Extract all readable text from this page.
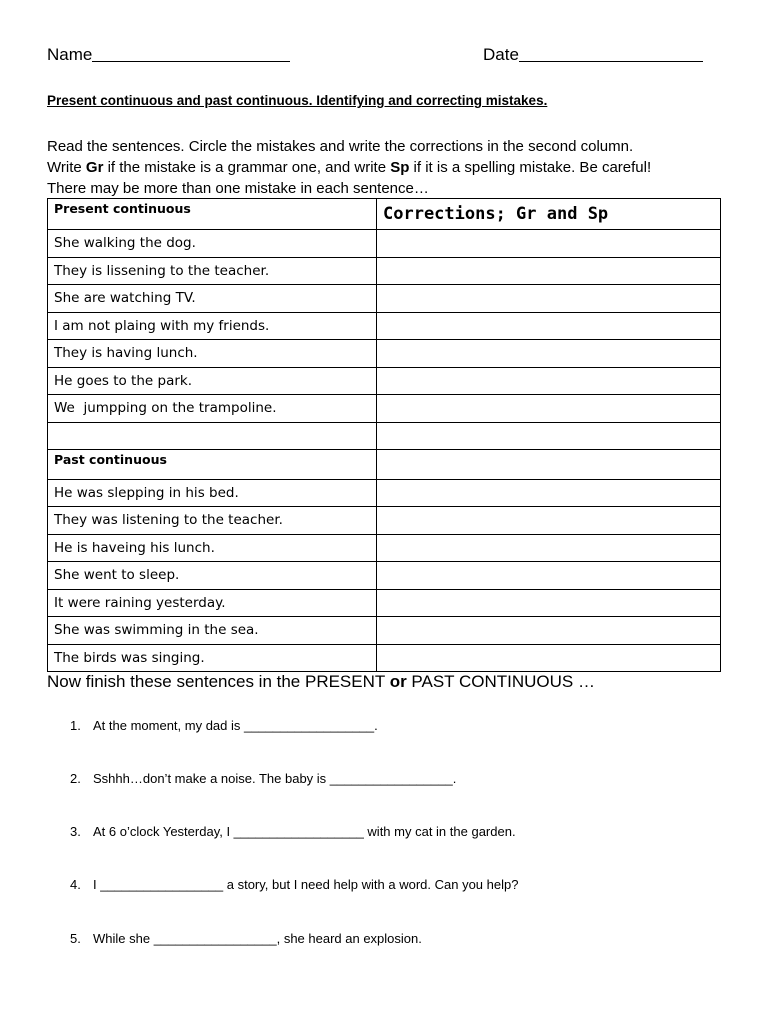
Name	Date
Present continuous and past continuous. Identifying and correcting mistakes.

Read the sentences. Circle the mistakes and write the corrections in the second column.

Write Gr if the mistake is a grammar one, and write Sp if it is a spelling mistake. Be careful!

There may be more than one mistake in each sentence…

Present continuous	Corrections; Gr and Sp
She walking the dog.	
They is lissening to the teacher.	
She are watching TV.	
I am not plaing with my friends.	
They is having lunch.	
He goes to the park.	
We  jumpping on the trampoline.	

Past continuous	
He was slepping in his bed.	
They was listening to the teacher.	
He is haveing his lunch.	
She went to sleep.	
It were raining yesterday.	
She was swimming in the sea.	
The birds was singing.	
Now finish these sentences in the PRESENT or PAST CONTINUOUS …
1. At the moment, my dad is __________________.
2. Sshhh…don’t make a noise. The baby is _________________.
3. At 6 o’clock Yesterday, I __________________ with my cat in the garden.
4. I _________________ a story, but I need help with a word. Can you help?
5. While she _________________, she heard an explosion.
